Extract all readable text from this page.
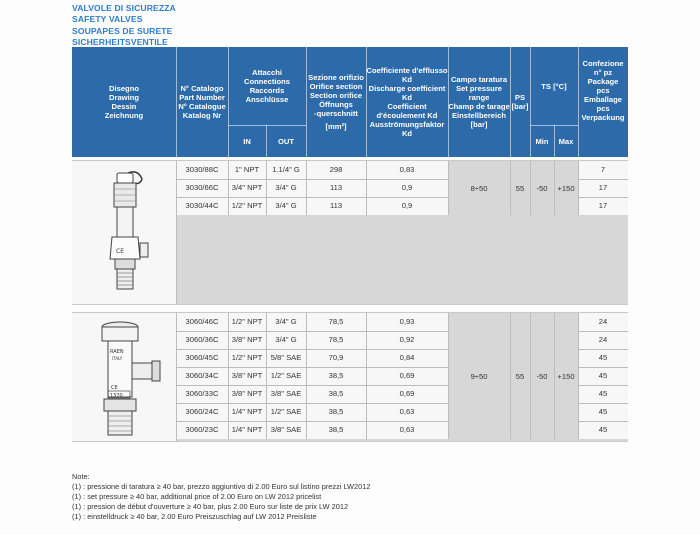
VALVOLE DI SICUREZZA
SAFETY VALVES
SOUPAPES DE SURETE
SICHERHEITSVENTILE
Disegno
Drawing
Dessin
Zeichnung
N° Catalogo
Part Number
N° Catalogue
Katalog Nr
Attacchi
Connections
Raccords
Anschlüsse
IN	OUT
Sezione orifizio
Orifice section
Section orifice
Öffnungs
-querschnitt
[mm²]
Coefficiente d'efflusso Kd
Discharge coefficient Kd
Coefficient
d'écoulement Kd
Ausströmungsfaktor Kd
Campo taratura
Set pressure
range
Champ de tarage
Einstellbereich
[bar]
PS
[bar]
TS [°C]
Min	Max
Confezione
n° pz
Package
pcs
Emballage
pcs
Verpackung
CE
3030/88C	1" NPT	1.1/4" G	298	0,83	7
3030/66C	3/4" NPT	3/4" G	113	0,9	17
3030/44C	1/2" NPT	3/4" G	113	0,9	17
8÷50	55	-50	+150
RAEN
ITALY
CE
1370
3060/46C	1/2" NPT	3/4" G	78,5	0,93	24
3060/36C	3/8" NPT	3/4" G	78,5	0,92	24
3060/45C	1/2" NPT	5/8" SAE	70,9	0,84	45
3060/34C	3/8" NPT	1/2" SAE	38,5	0,69	45
3060/33C	3/8" NPT	3/8" SAE	38,5	0,69	45
3060/24C	1/4" NPT	1/2" SAE	38,5	0,63	45
3060/23C	1/4" NPT	3/8" SAE	38,5	0,63	45
9÷50	55	-50	+150
Note:
(1) : pressione di taratura ≥ 40 bar, prezzo aggiuntivo di 2.00 Euro sul listino prezzi LW2012
(1) : set pressure ≥ 40 bar, additional price of 2.00 Euro on LW 2012 pricelist
(1) : pression de début d'ouverture ≥ 40 bar, plus 2.00 Euro sur liste de prix LW 2012
(1) : einstelldruck ≥ 40 bar, 2.00 Euro Preiszuschlag auf LW 2012 Preisliste
